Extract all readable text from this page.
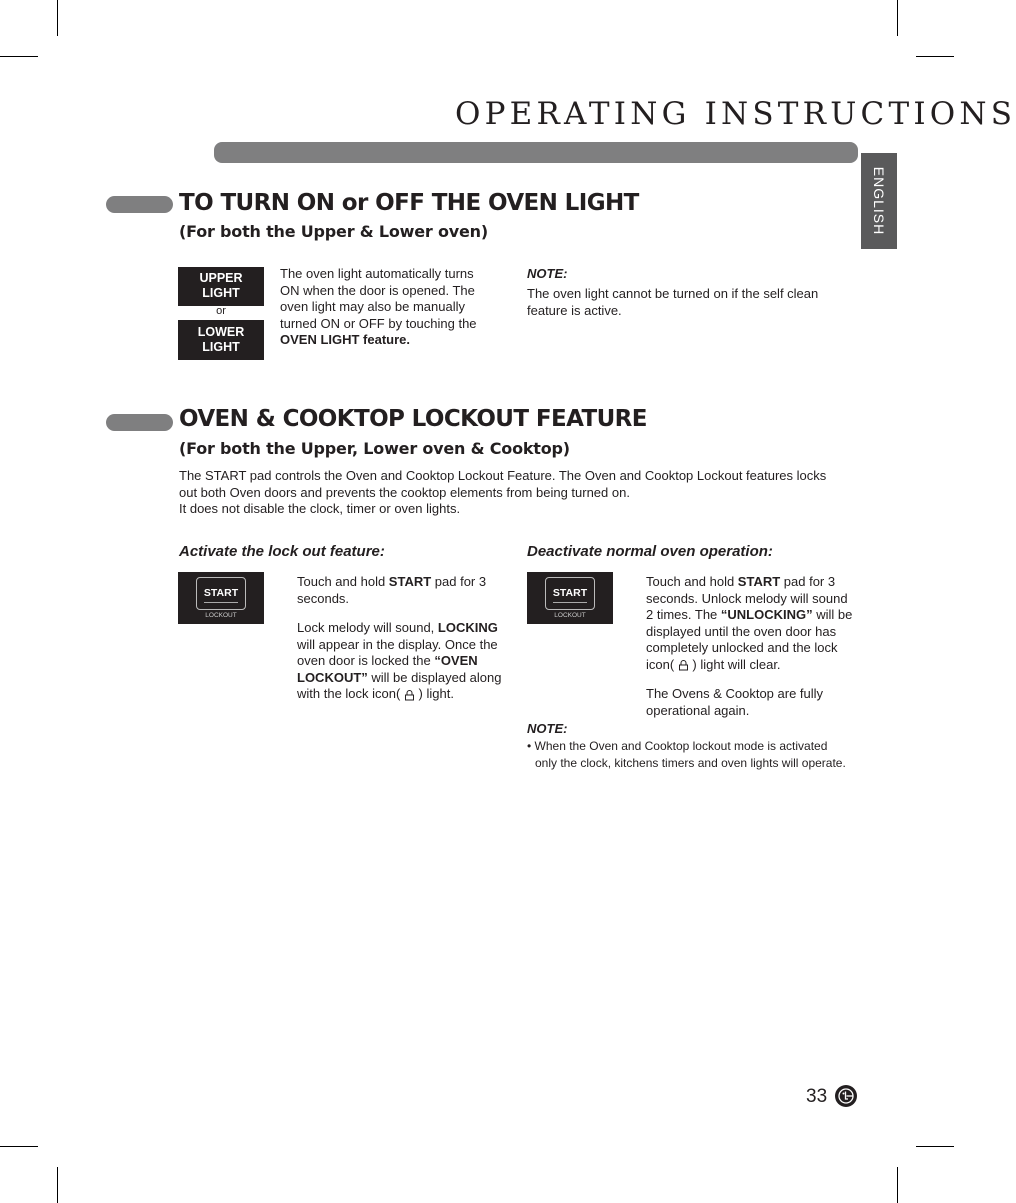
OPERATING INSTRUCTIONS
ENGLISH
TO TURN ON or OFF THE OVEN LIGHT
(For both the Upper & Lower oven)
UPPER LIGHT
or
LOWER LIGHT
The oven light automatically turns ON when the door is opened. The oven light may also be manually turned ON or OFF by touching the OVEN LIGHT feature.
NOTE:
The oven light cannot be turned on if the self clean feature is active.
OVEN & COOKTOP LOCKOUT FEATURE
(For both the Upper, Lower oven & Cooktop)
The START pad controls the Oven and Cooktop Lockout Feature. The Oven and Cooktop Lockout features locks out both Oven doors and prevents the cooktop elements from being turned on.
It does not disable the clock, timer or oven lights.
Activate the lock out feature:
START
LOCKOUT
Touch and hold START pad for 3 seconds.
Lock melody will sound, LOCKING will appear in the display. Once the oven door is locked the “OVEN LOCKOUT” will be displayed along with the lock icon(  ) light.
Deactivate normal oven operation:
START
LOCKOUT
Touch and hold START pad for 3 seconds. Unlock melody will sound 2 times. The “UNLOCKING” will be displayed until the oven door has completely unlocked and the lock icon(  ) light will clear.
The Ovens & Cooktop are fully operational again.
NOTE:
• When the Oven and Cooktop lockout mode is activated
only the clock, kitchens timers and oven lights will operate.
33
